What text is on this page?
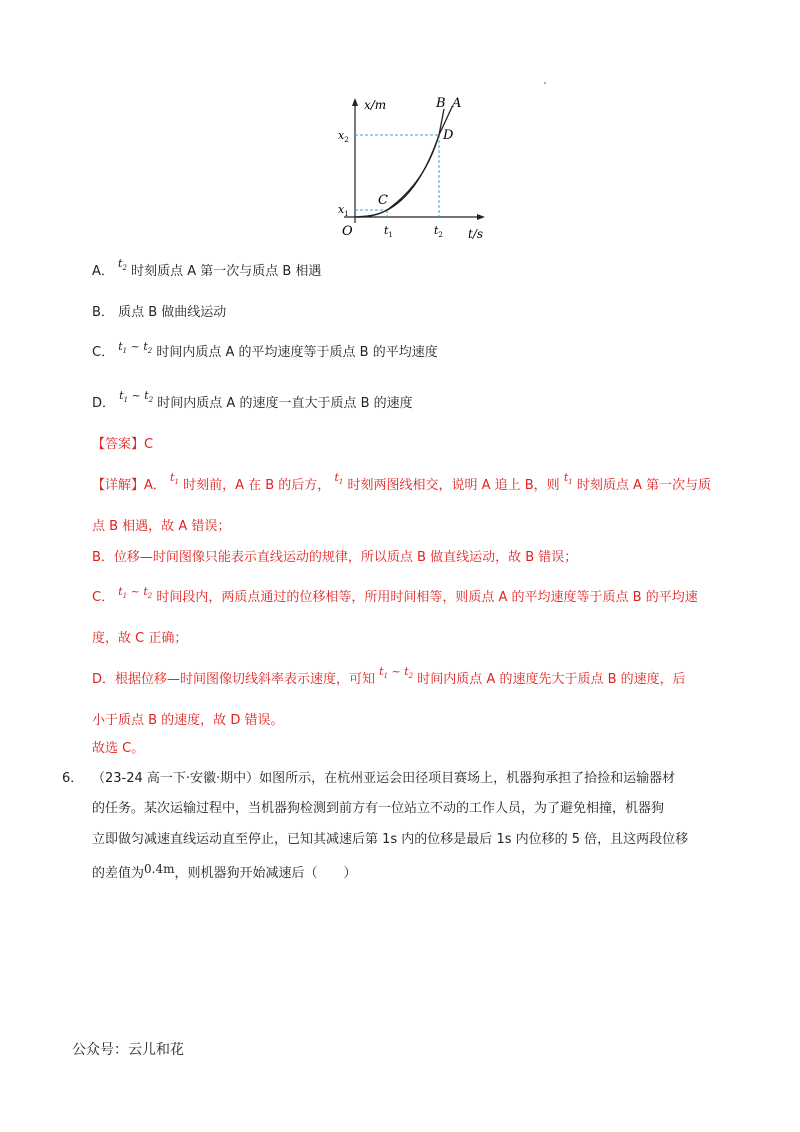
x/m
t/s
O
B A
C
D
$x_2$
$x_1$
$t_1$	$t_2$
A． $^{t_2}$ 时刻质点 A 第一次与质点 B 相遇
B． 质点 B 做曲线运动
C． $^{t_1 \sim t_2}$ 时间内质点 A 的平均速度等于质点 B 的平均速度
D． $^{t_1 \sim t_2}$ 时间内质点 A 的速度一直大于质点 B 的速度
【答案】C
【详解】A． $^{t_1}$ 时刻前，A 在 B 的后方， $^{t_1}$ 时刻两图线相交，说明 A 追上 B，则 $^{t_1}$ 时刻质点 A 第一次与质
点 B 相遇，故 A 错误；
B．位移—时间图像只能表示直线运动的规律，所以质点 B 做直线运动，故 B 错误；
C． $^{t_1 \sim t_2}$ 时间段内，两质点通过的位移相等，所用时间相等，则质点 A 的平均速度等于质点 B 的平均速
度，故 C 正确；
D．根据位移—时间图像切线斜率表示速度，可知 $^{t_1 \sim t_2}$ 时间内质点 A 的速度先大于质点 B 的速度，后
小于质点 B 的速度，故 D 错误。
故选 C。
6． （23-24 高一下·安徽·期中）如图所示，在杭州亚运会田径项目赛场上，机器狗承担了拾捡和运输器材
的任务。某次运输过程中，当机器狗检测到前方有一位站立不动的工作人员，为了避免相撞，机器狗
立即做匀减速直线运动直至停止，已知其减速后第 1s 内的位移是最后 1s 内位移的 5 倍，且这两段位移
的差值为0.4m，则机器狗开始减速后（　　）
公众号：云儿和花
